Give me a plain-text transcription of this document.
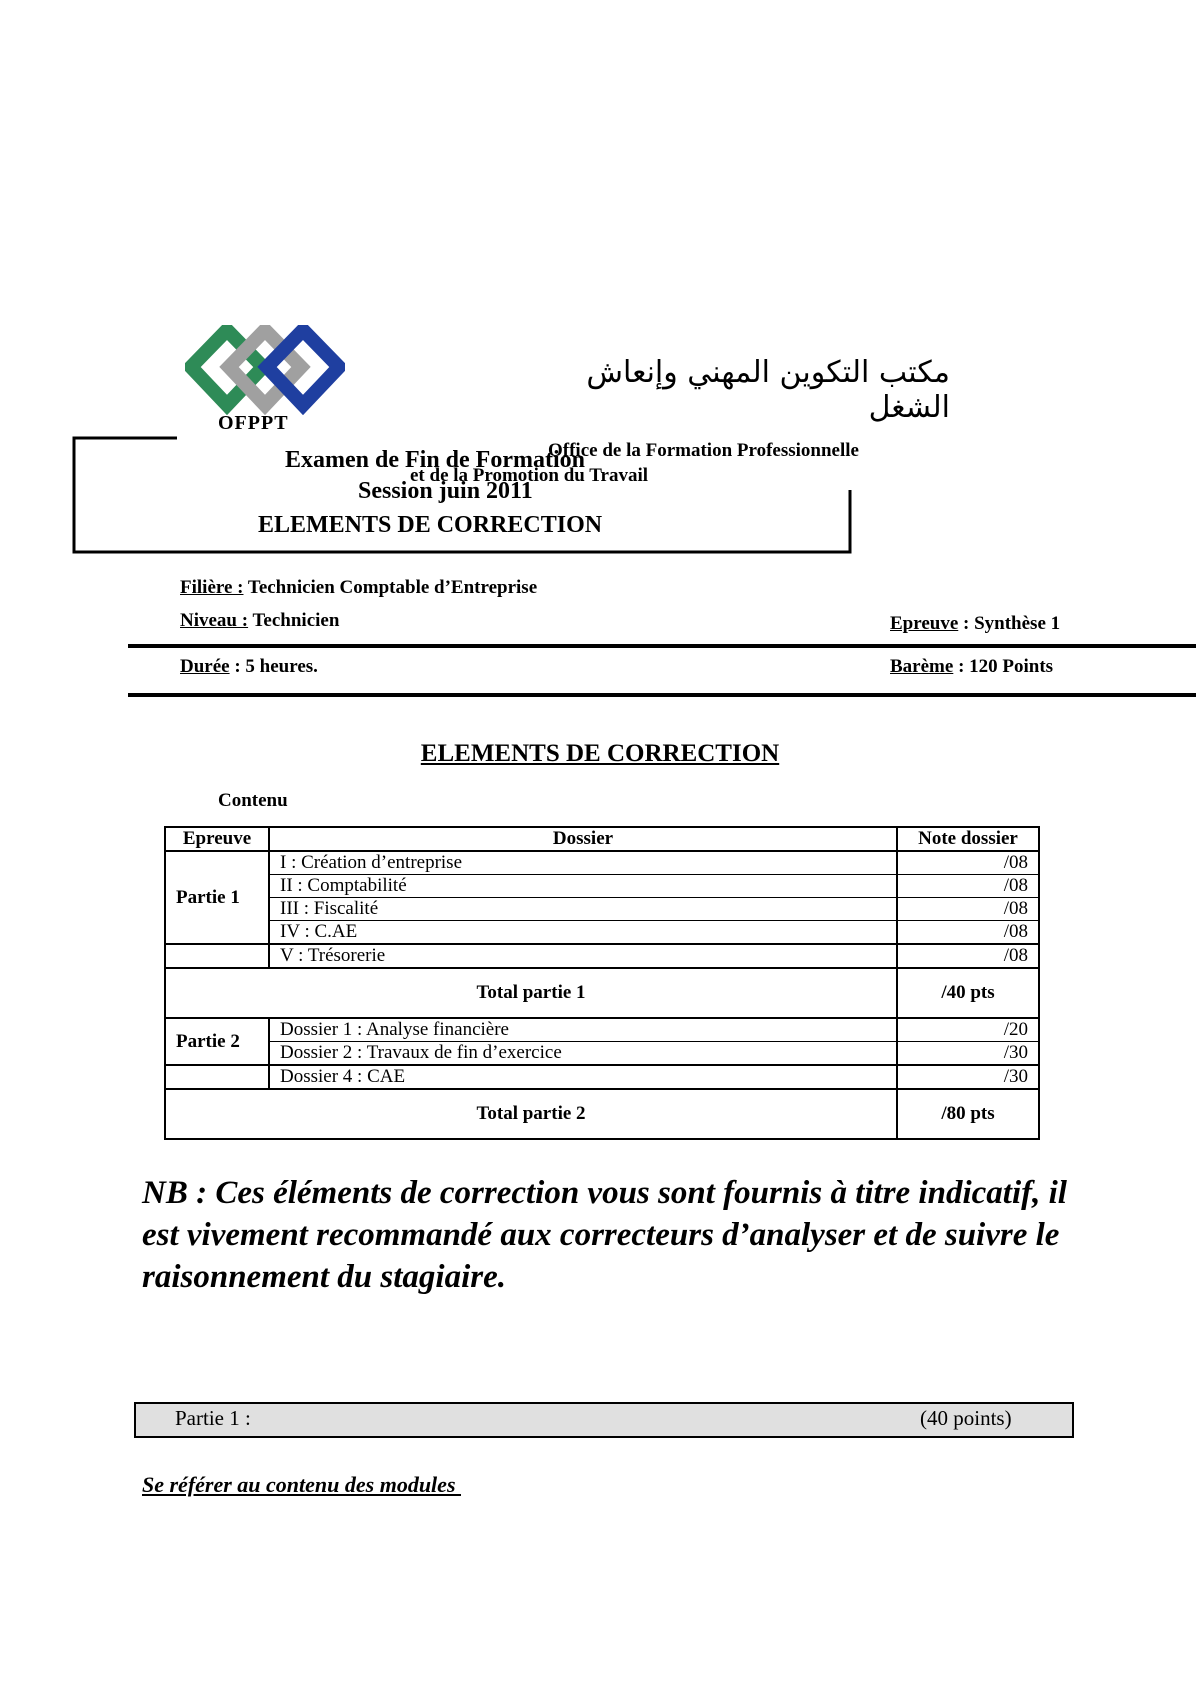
OFPPT
مكتب التكوين المهني وإنعاش الشغل
Office de la Formation Professionnelle
et de la Promotion du Travail
Examen de Fin de Formation
Session juin 2011
ELEMENTS DE CORRECTION
Filière : Technicien Comptable d’Entreprise
Niveau : Technicien	Epreuve : Synthèse 1
Durée : 5 heures.	Barème : 120 Points
ELEMENTS DE CORRECTION
Contenu
Epreuve	Dossier	Note dossier
Partie 1	I : Création d’entreprise	/08
	II : Comptabilité	/08
	III : Fiscalité	/08
	IV : C.AE	/08
	V : Trésorerie	/08
Total partie 1		/40 pts
Partie 2	Dossier 1 : Analyse financière	/20
	Dossier 2 : Travaux de fin d’exercice	/30
	Dossier 4 : CAE	/30
Total partie 2		/80 pts
NB : Ces éléments de correction vous sont fournis à titre indicatif, il est vivement recommandé aux correcteurs d’analyser et de suivre le raisonnement du stagiaire.
Partie 1 :	(40 points)
Se référer au contenu des modules
